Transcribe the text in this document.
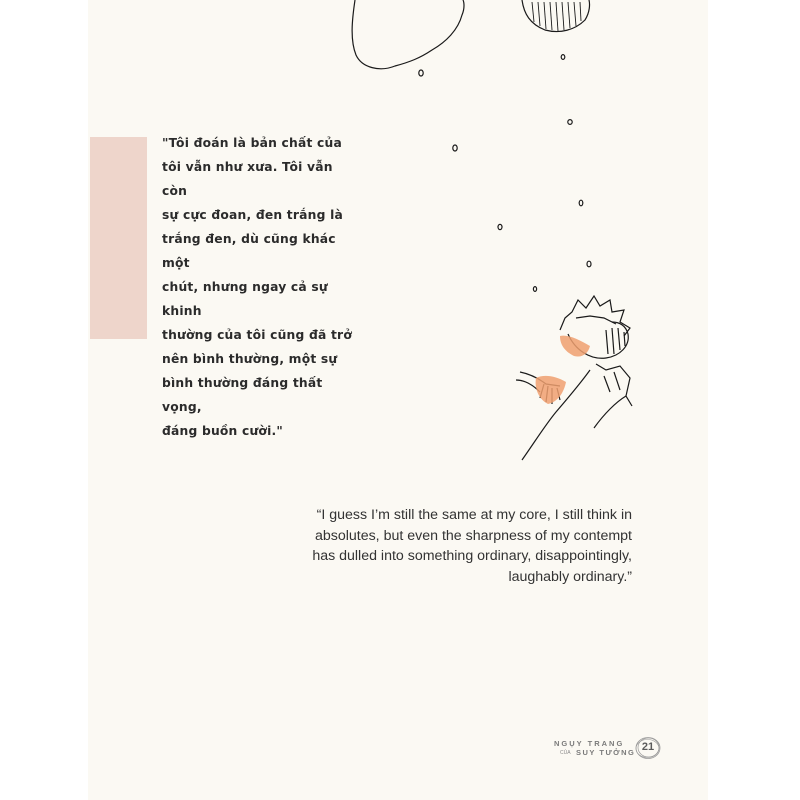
"Tôi đoán là bản chất của
tôi vẫn như xưa. Tôi vẫn còn
sự cực đoan, đen trắng là
trắng đen, dù cũng khác một
chút, nhưng ngay cả sự khinh
thường của tôi cũng đã trở
nên bình thường, một sự
bình thường đáng thất vọng,
đáng buồn cười."

“I guess I’m still the same at my core, I still think in
absolutes, but even the sharpness of my contempt
has dulled into something ordinary, disappointingly,
laughably ordinary.”

NGỤY TRANG
CỦA SUY TƯỞNG 21
